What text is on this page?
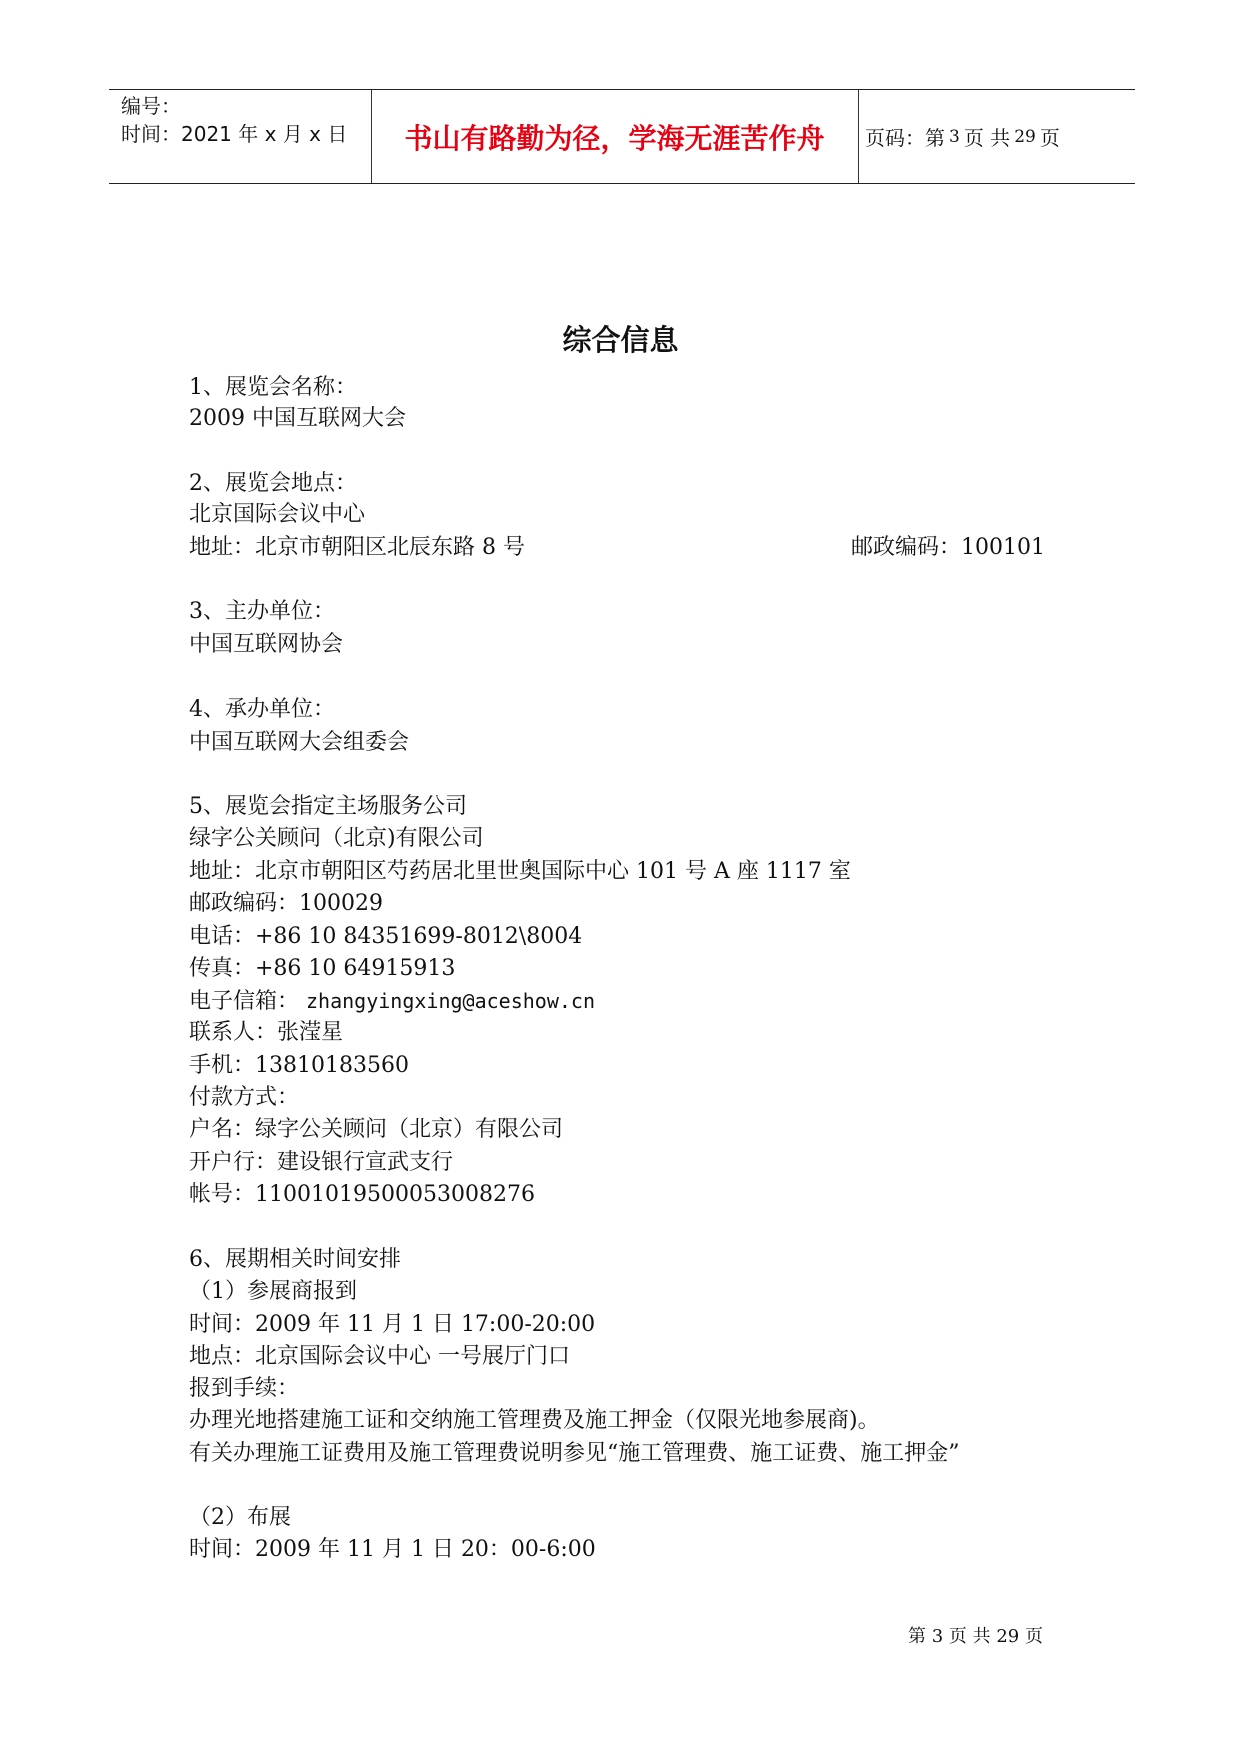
编号：
时间：2021 年 x 月 x 日	书山有路勤为径，学海无涯苦作舟	页码：第 3 页 共 29 页
综合信息
1、展览会名称：
2009 中国互联网大会
2、展览会地点：
北京国际会议中心
地址：北京市朝阳区北辰东路 8 号	邮政编码：100101
3、主办单位：
中国互联网协会
4、承办单位：
中国互联网大会组委会
5、展览会指定主场服务公司
绿字公关顾问（北京)有限公司
地址：北京市朝阳区芍药居北里世奥国际中心 101 号 A 座 1117 室
邮政编码：100029
电话：+86 10 84351699-8012\8004
传真：+86 10 64915913
电子信箱： zhangyingxing@aceshow.cn
联系人：张滢星
手机：13810183560
付款方式：
户名：绿字公关顾问（北京）有限公司
开户行：建设银行宣武支行
帐号：11001019500053008276
6、展期相关时间安排
（1）参展商报到
时间：2009 年 11 月 1 日 17:00-20:00
地点：北京国际会议中心 一号展厅门口
报到手续：
办理光地搭建施工证和交纳施工管理费及施工押金（仅限光地参展商)。
有关办理施工证费用及施工管理费说明参见“施工管理费、施工证费、施工押金”
（2）布展
时间：2009 年 11 月 1 日 20：00-6:00
第 3 页 共 29 页
